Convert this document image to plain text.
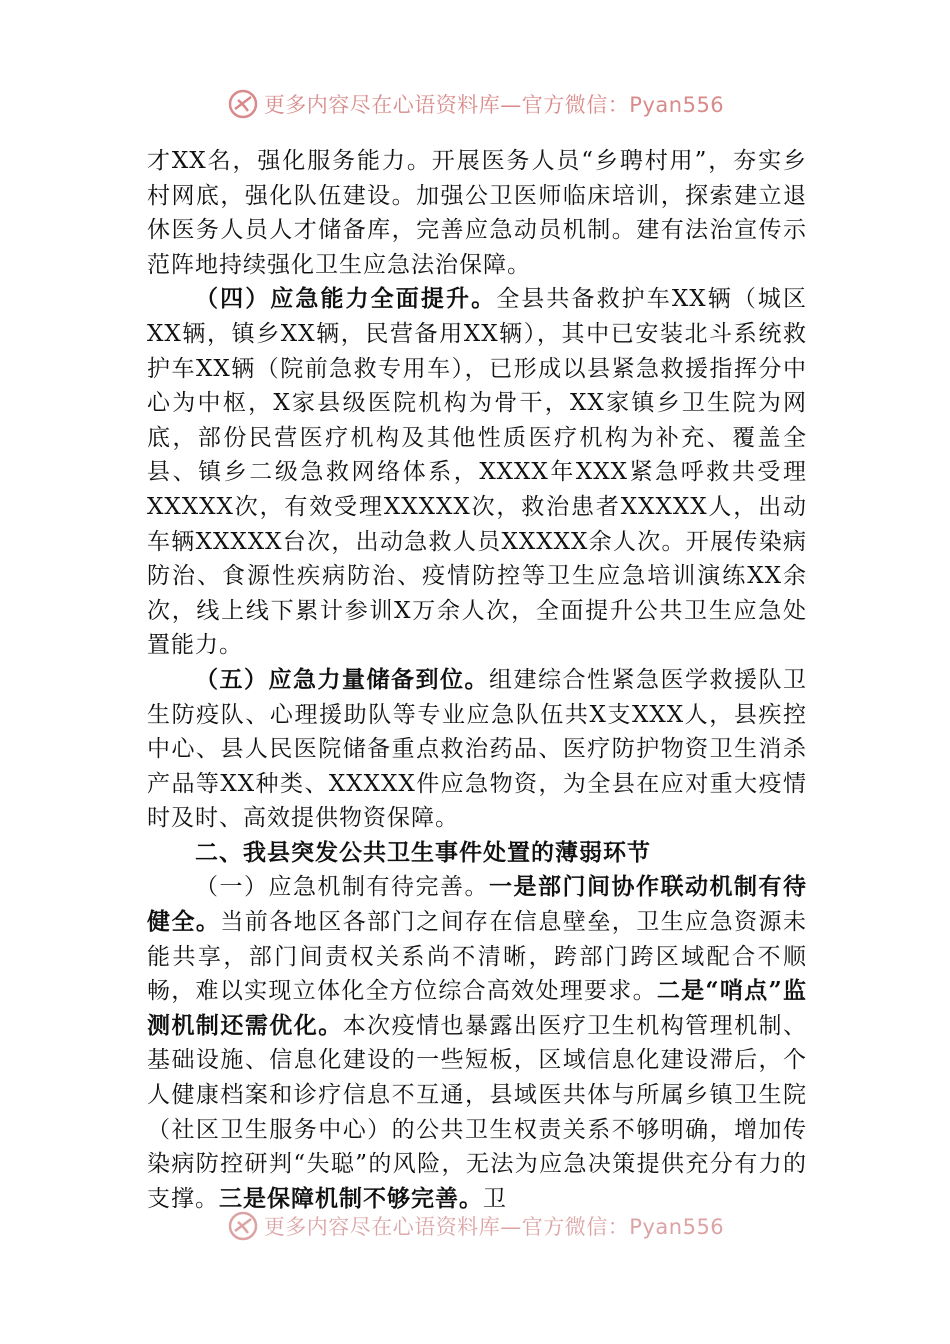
更多内容尽在心语资料库—官方微信：Pyan556

才XX名，强化服务能力。开展医务人员“乡聘村用”，夯实乡村网底，强化队伍建设。加强公卫医师临床培训，探索建立退休医务人员人才储备库，完善应急动员机制。建有法治宣传示范阵地持续强化卫生应急法治保障。

（四）应急能力全面提升。全县共备救护车XX辆（城区XX辆，镇乡XX辆，民营备用XX辆），其中已安装北斗系统救护车XX辆（院前急救专用车），已形成以县紧急救援指挥分中心为中枢，X家县级医院机构为骨干，XX家镇乡卫生院为网底，部份民营医疗机构及其他性质医疗机构为补充、覆盖全县、镇乡二级急救网络体系，XXXX年XXX紧急呼救共受理XXXXX次，有效受理XXXXX次，救治患者XXXXX人，出动车辆XXXXX台次，出动急救人员XXXXX余人次。开展传染病防治、食源性疾病防治、疫情防控等卫生应急培训演练XX余次，线上线下累计参训X万余人次，全面提升公共卫生应急处置能力。

（五）应急力量储备到位。组建综合性紧急医学救援队卫生防疫队、心理援助队等专业应急队伍共X支XXX人，县疾控中心、县人民医院储备重点救治药品、医疗防护物资卫生消杀产品等XX种类、XXXXX件应急物资，为全县在应对重大疫情时及时、高效提供物资保障。

二、我县突发公共卫生事件处置的薄弱环节

（一）应急机制有待完善。一是部门间协作联动机制有待健全。当前各地区各部门之间存在信息壁垒，卫生应急资源未能共享，部门间责权关系尚不清晰，跨部门跨区域配合不顺畅，难以实现立体化全方位综合高效处理要求。二是“哨点”监测机制还需优化。本次疫情也暴露出医疗卫生机构管理机制、基础设施、信息化建设的一些短板，区域信息化建设滞后，个人健康档案和诊疗信息不互通，县域医共体与所属乡镇卫生院（社区卫生服务中心）的公共卫生权责关系不够明确，增加传染病防控研判“失聪”的风险，无法为应急决策提供充分有力的支撑。三是保障机制不够完善。卫

更多内容尽在心语资料库—官方微信：Pyan556
